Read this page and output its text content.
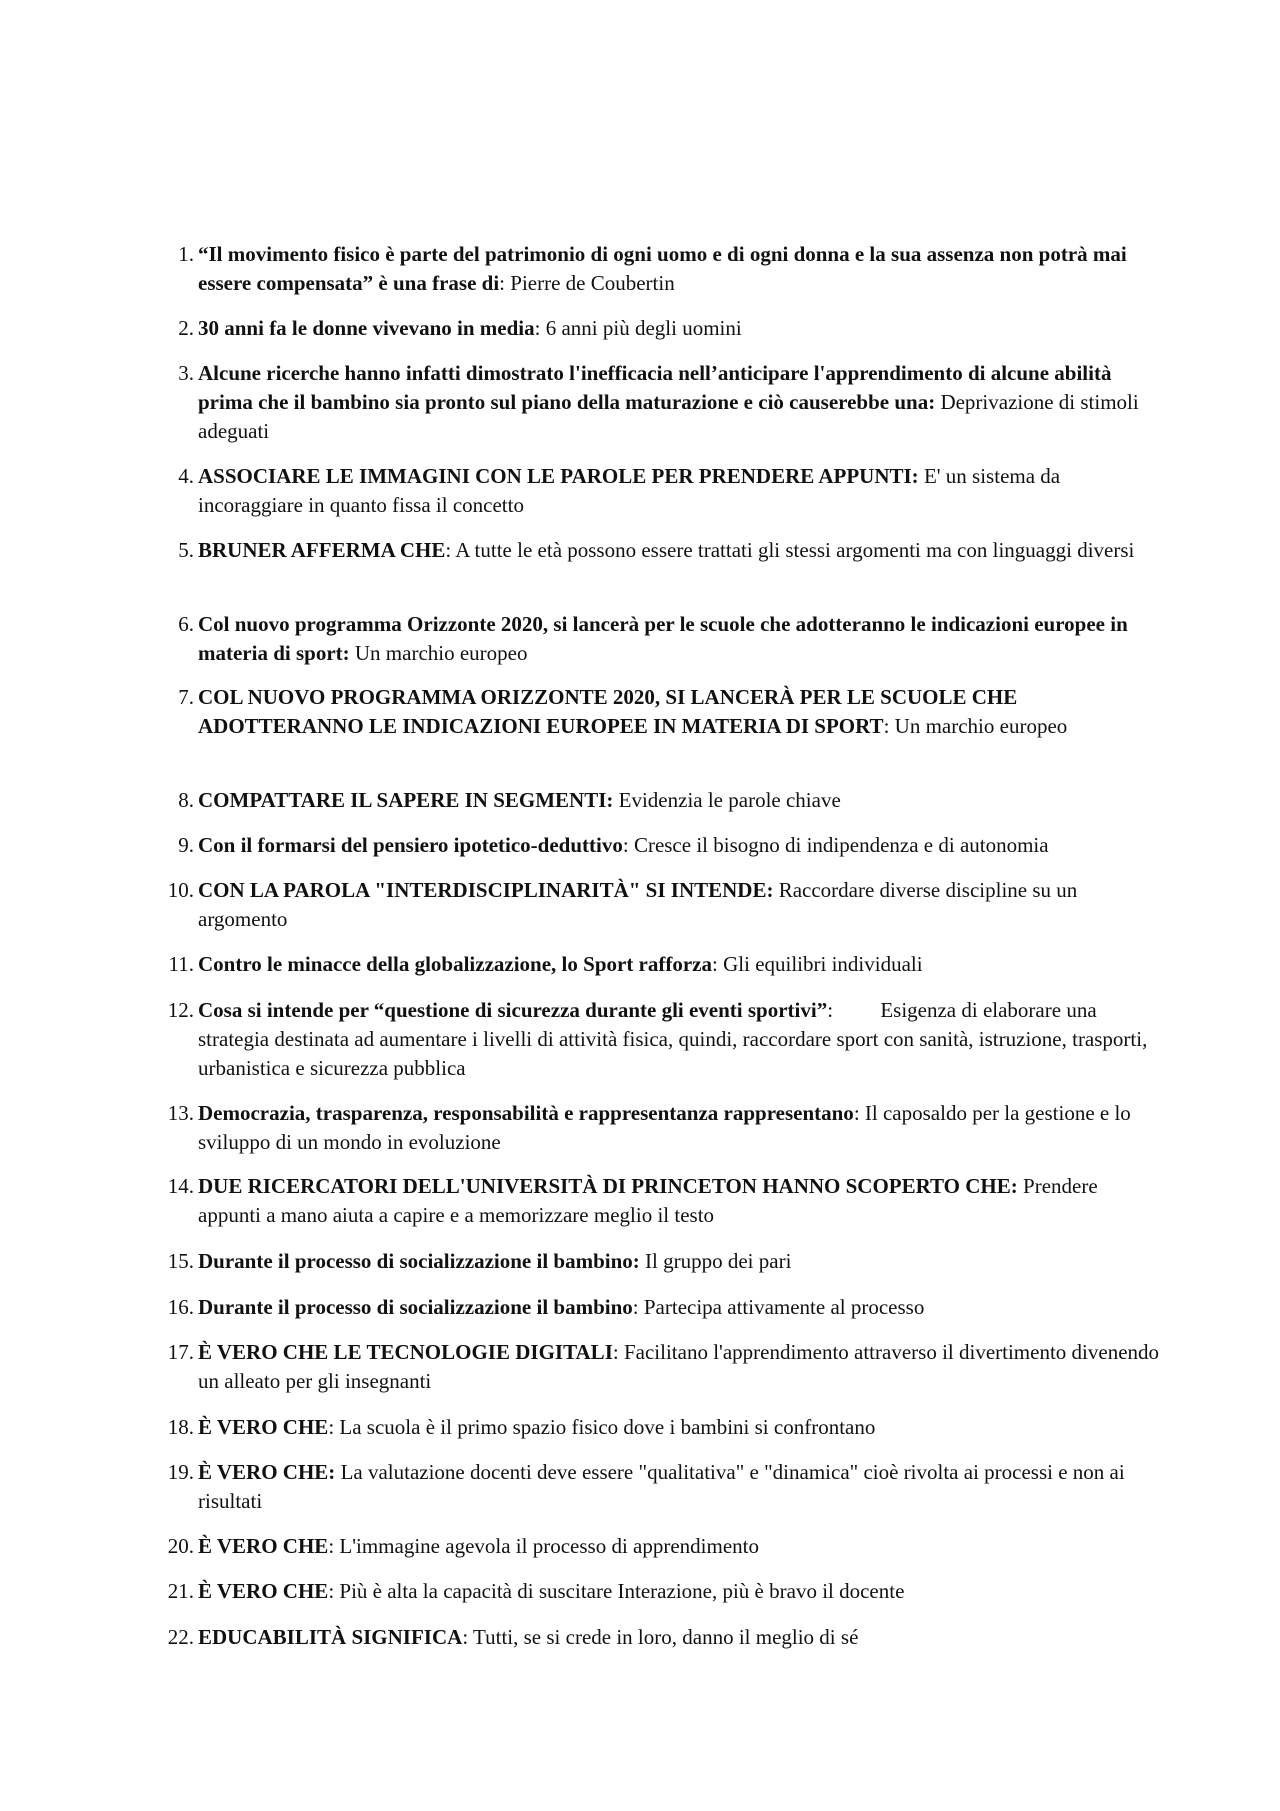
1. “Il movimento fisico è parte del patrimonio di ogni uomo e di ogni donna e la sua assenza non potrà mai essere compensata” è una frase di: Pierre de Coubertin
2. 30 anni fa le donne vivevano in media: 6 anni più degli uomini
3. Alcune ricerche hanno infatti dimostrato l'inefficacia nell’anticipare l'apprendimento di alcune abilità prima che il bambino sia pronto sul piano della maturazione e ciò causerebbe una: Deprivazione di stimoli adeguati
4. ASSOCIARE LE IMMAGINI CON LE PAROLE PER PRENDERE APPUNTI: E' un sistema da incoraggiare in quanto fissa il concetto
5. BRUNER AFFERMA CHE: A tutte le età possono essere trattati gli stessi argomenti ma con linguaggi diversi
6. Col nuovo programma Orizzonte 2020, si lancerà per le scuole che adotteranno le indicazioni europee in materia di sport: Un marchio europeo
7. COL NUOVO PROGRAMMA ORIZZONTE 2020, SI LANCERÀ PER LE SCUOLE CHE ADOTTERANNO LE INDICAZIONI EUROPEE IN MATERIA DI SPORT: Un marchio europeo
8. COMPATTARE IL SAPERE IN SEGMENTI: Evidenzia le parole chiave
9. Con il formarsi del pensiero ipotetico-deduttivo: Cresce il bisogno di indipendenza e di autonomia
10. CON LA PAROLA "INTERDISCIPLINARITÀ" SI INTENDE: Raccordare diverse discipline su un argomento
11. Contro le minacce della globalizzazione, lo Sport rafforza: Gli equilibri individuali
12. Cosa si intende per “questione di sicurezza durante gli eventi sportivi”:         Esigenza di elaborare una strategia destinata ad aumentare i livelli di attività fisica, quindi, raccordare sport con sanità, istruzione, trasporti, urbanistica e sicurezza pubblica
13. Democrazia, trasparenza, responsabilità e rappresentanza rappresentano: Il caposaldo per la gestione e lo sviluppo di un mondo in evoluzione
14. DUE RICERCATORI DELL'UNIVERSITÀ DI PRINCETON HANNO SCOPERTO CHE: Prendere appunti a mano aiuta a capire e a memorizzare meglio il testo
15. Durante il processo di socializzazione il bambino: Il gruppo dei pari
16. Durante il processo di socializzazione il bambino: Partecipa attivamente al processo
17. È VERO CHE LE TECNOLOGIE DIGITALI: Facilitano l'apprendimento attraverso il divertimento divenendo un alleato per gli insegnanti
18. È VERO CHE: La scuola è il primo spazio fisico dove i bambini si confrontano
19. È VERO CHE: La valutazione docenti deve essere "qualitativa" e "dinamica" cioè rivolta ai processi e non ai risultati
20. È VERO CHE: L'immagine agevola il processo di apprendimento
21. È VERO CHE: Più è alta la capacità di suscitare Interazione, più è bravo il docente
22. EDUCABILITÀ SIGNIFICA: Tutti, se si crede in loro, danno il meglio di sé
